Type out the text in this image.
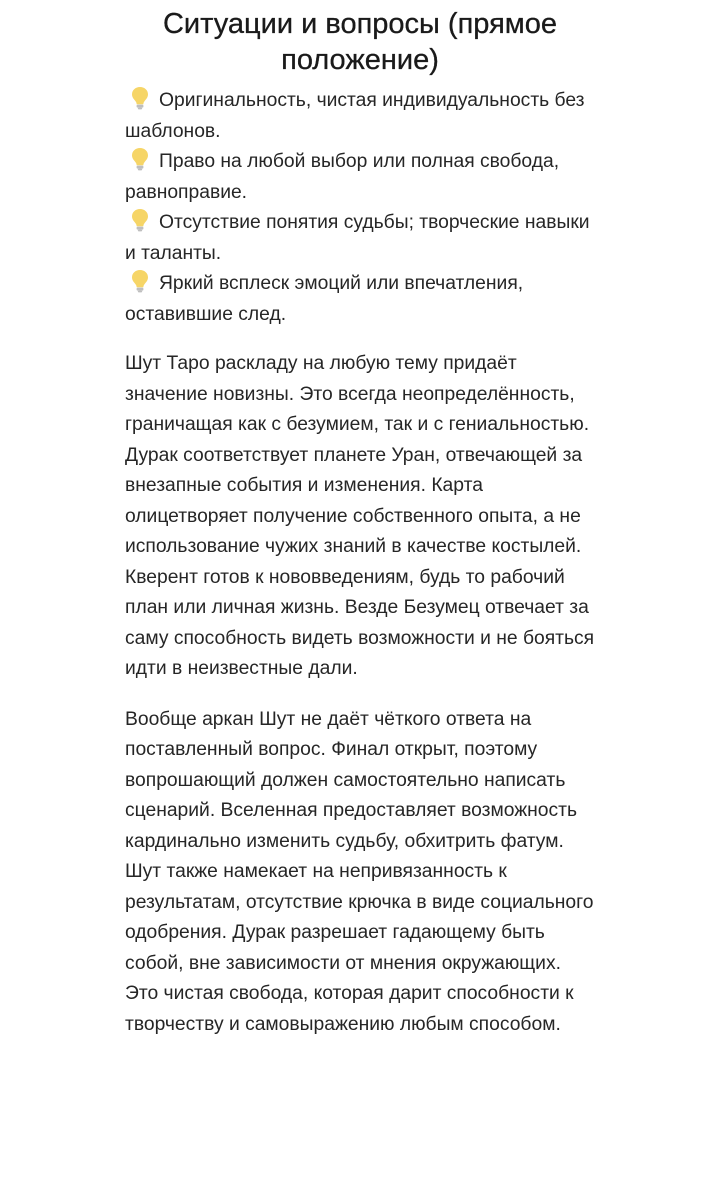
Ситуации и вопросы (прямое положение)
Оригинальность, чистая индивидуальность без шаблонов.
Право на любой выбор или полная свобода, равноправие.
Отсутствие понятия судьбы; творческие навыки и таланты.
Яркий всплеск эмоций или впечатления, оставившие след.

Шут Таро раскладу на любую тему придаёт значение новизны. Это всегда неопределённость, граничащая как с безумием, так и с гениальностью. Дурак соответствует планете Уран, отвечающей за внезапные события и изменения. Карта олицетворяет получение собственного опыта, а не использование чужих знаний в качестве костылей. Кверент готов к нововведениям, будь то рабочий план или личная жизнь. Везде Безумец отвечает за саму способность видеть возможности и не бояться идти в неизвестные дали.

Вообще аркан Шут не даёт чёткого ответа на поставленный вопрос. Финал открыт, поэтому вопрошающий должен самостоятельно написать сценарий. Вселенная предоставляет возможность кардинально изменить судьбу, обхитрить фатум. Шут также намекает на непривязанность к результатам, отсутствие крючка в виде социального одобрения. Дурак разрешает гадающему быть собой, вне зависимости от мнения окружающих. Это чистая свобода, которая дарит способности к творчеству и самовыражению любым способом.
